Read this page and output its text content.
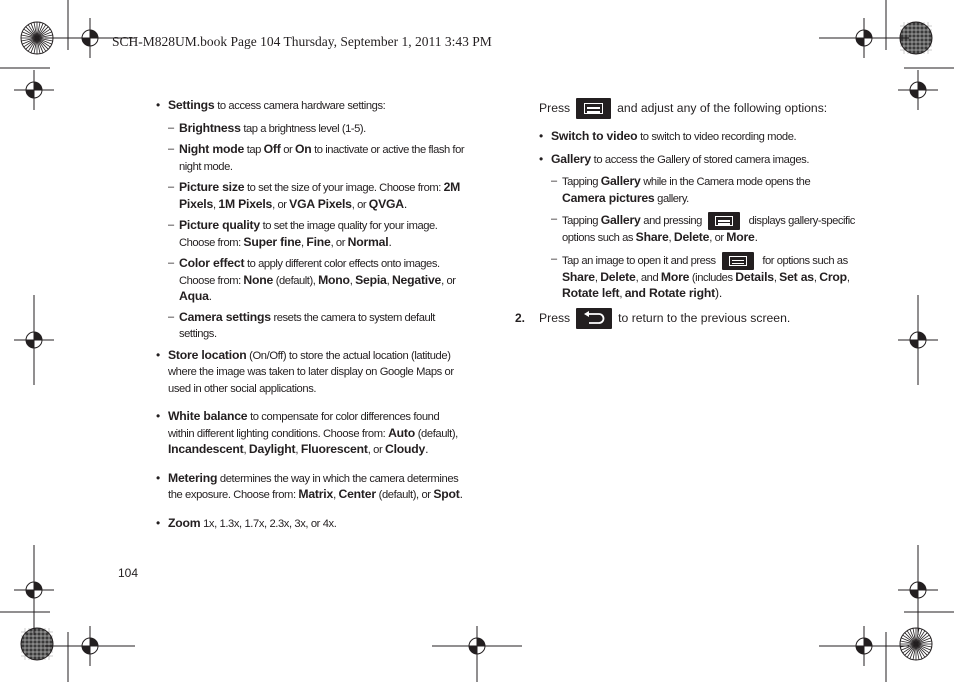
SCH-M828UM.book Page 104 Thursday, September 1, 2011 3:43 PM
• Settings to access camera hardware settings:
– Brightness tap a brightness level (1-5).
– Night mode tap Off or On to inactivate or active the flash for night mode.
– Picture size to set the size of your image. Choose from: 2M Pixels, 1M Pixels, or VGA Pixels, or QVGA.
– Picture quality to set the image quality for your image. Choose from: Super fine, Fine, or Normal.
– Color effect to apply different color effects onto images. Choose from: None (default), Mono, Sepia, Negative, or Aqua.
– Camera settings resets the camera to system default settings.
• Store location (On/Off) to store the actual location (latitude) where the image was taken to later display on Google Maps or used in other social applications.
• White balance to compensate for color differences found within different lighting conditions. Choose from: Auto (default), Incandescent, Daylight, Fluorescent, or Cloudy.
• Metering determines the way in which the camera determines the exposure. Choose from: Matrix, Center (default), or Spot.
• Zoom 1x, 1.3x, 1.7x, 2.3x, 3x, or 4x.
Press	and adjust any of the following options:
• Switch to video to switch to video recording mode.
• Gallery to access the Gallery of stored camera images.
– Tapping Gallery while in the Camera mode opens the Camera pictures gallery.
– Tapping Gallery and pressing	displays gallery-specific options such as Share, Delete, or More.
– Tap an image to open it and press	for options such as Share, Delete, and More (includes Details, Set as, Crop, Rotate left, and Rotate right).
2. Press	to return to the previous screen.
104
